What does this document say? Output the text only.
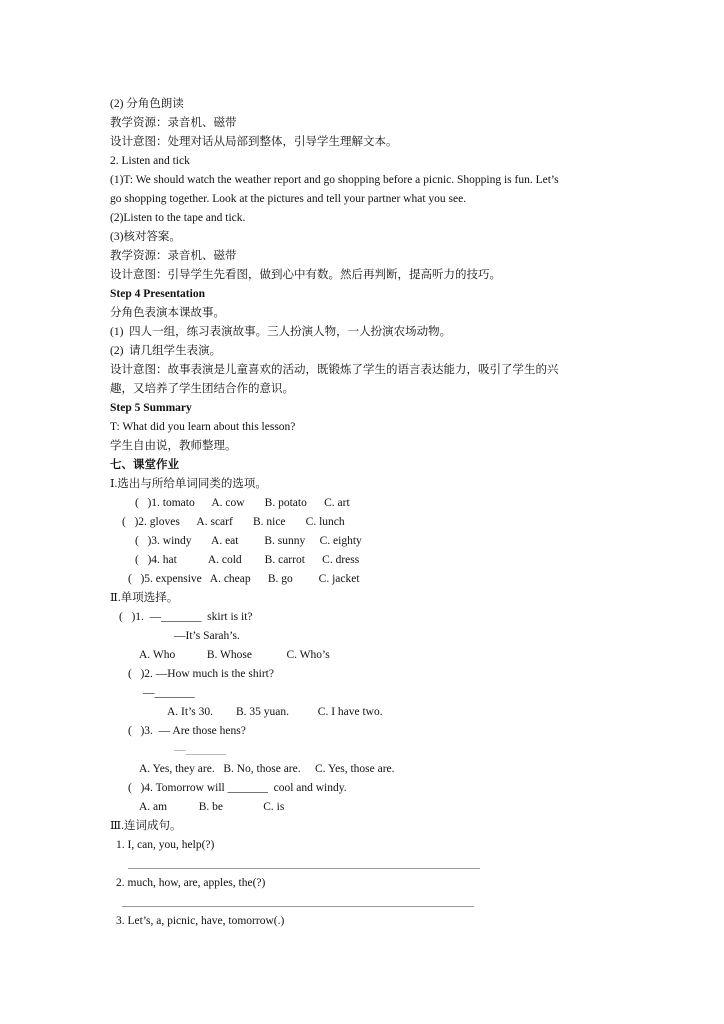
(2) 分角色朗读
教学资源：录音机、磁带
设计意图：处理对话从局部到整体，引导学生理解文本。
2. Listen and tick
(1)T: We should watch the weather report and go shopping before a picnic. Shopping is fun. Let’s
go shopping together. Look at the pictures and tell your partner what you see.
(2)Listen to the tape and tick.
(3)核对答案。
教学资源：录音机、磁带
设计意图：引导学生先看图，做到心中有数。然后再判断，提高听力的技巧。
Step 4 Presentation
分角色表演本课故事。
(1)  四人一组，练习表演故事。三人扮演人物，一人扮演农场动物。
(2)  请几组学生表演。
设计意图：故事表演是儿童喜欢的活动，既锻炼了学生的语言表达能力，吸引了学生的兴
趣，又培养了学生团结合作的意识。
Step 5 Summary
T: What did you learn about this lesson?
学生自由说，教师整理。
七、课堂作业
Ⅰ.选出与所给单词同类的选项。
(   )1. tomato      A. cow       B. potato      C. art
(   )2. gloves      A. scarf       B. nice       C. lunch
(   )3. windy       A. eat         B. sunny     C. eighty
(   )4. hat           A. cold        B. carrot      C. dress
(   )5. expensive   A. cheap      B. go         C. jacket
Ⅱ.单项选择。
(   )1.  —_______  skirt is it?
—It’s Sarah’s.
A. Who           B. Whose            C. Who’s
(   )2. —How much is the shirt?
—_______
A. It’s 30.        B. 35 yuan.          C. I have two.
(   )3.  — Are those hens?
—_______
A. Yes, they are.   B. No, those are.     C. Yes, those are.
(   )4. Tomorrow will _______  cool and windy.
A. am           B. be              C. is
Ⅲ.连词成句。
1. I, can, you, help(?)
2. much, how, are, apples, the(?)
3. Let’s, a, picnic, have, tomorrow(.)
